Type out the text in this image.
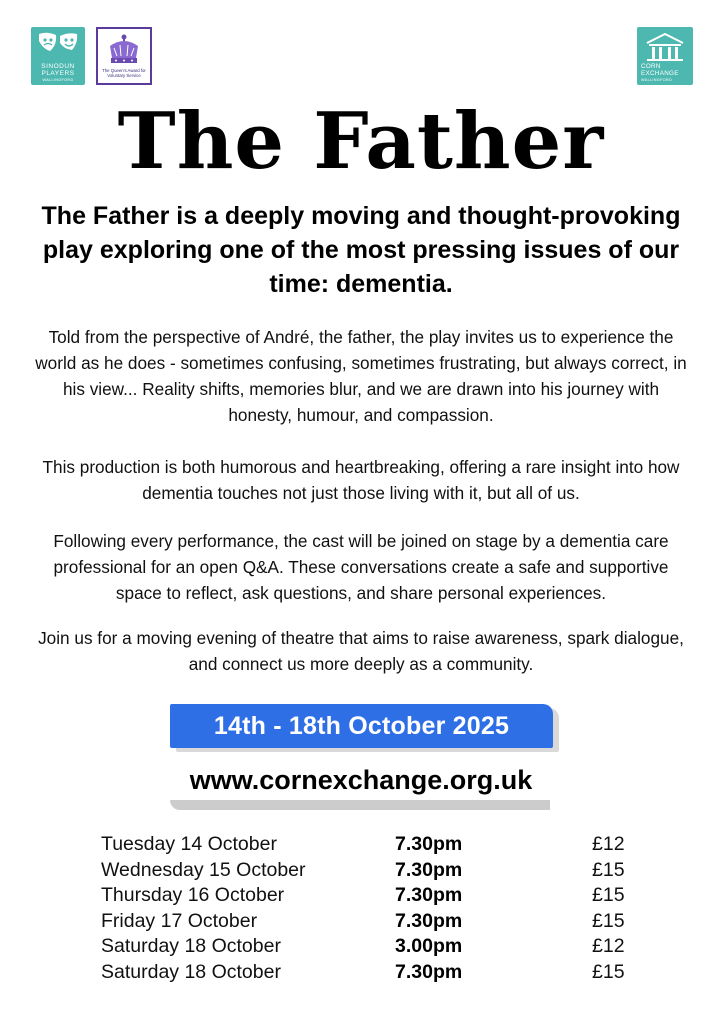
SINODUN
PLAYERS
WALLINGFORD
The Queen's Award for Voluntary Service
CORN
EXCHANGE
WALLINGFORD
The Father
The Father is a deeply moving and thought-provoking play exploring one of the most pressing issues of our time: dementia.
Told from the perspective of André, the father, the play invites us to experience the world as he does - sometimes confusing, sometimes frustrating, but always correct, in his view... Reality shifts, memories blur, and we are drawn into his journey with honesty, humour, and compassion.
This production is both humorous and heartbreaking, offering a rare insight into how dementia touches not just those living with it, but all of us.
Following every performance, the cast will be joined on stage by a dementia care professional for an open Q&A. These conversations create a safe and supportive space to reflect, ask questions, and share personal experiences.
Join us for a moving evening of theatre that aims to raise awareness, spark dialogue, and connect us more deeply as a community.
14th - 18th October 2025
www.cornexchange.org.uk
Tuesday 14 October	7.30pm	£12
Wednesday 15 October	7.30pm	£15
Thursday 16 October	7.30pm	£15
Friday 17 October	7.30pm	£15
Saturday 18 October	3.00pm	£12
Saturday 18 October	7.30pm	£15
